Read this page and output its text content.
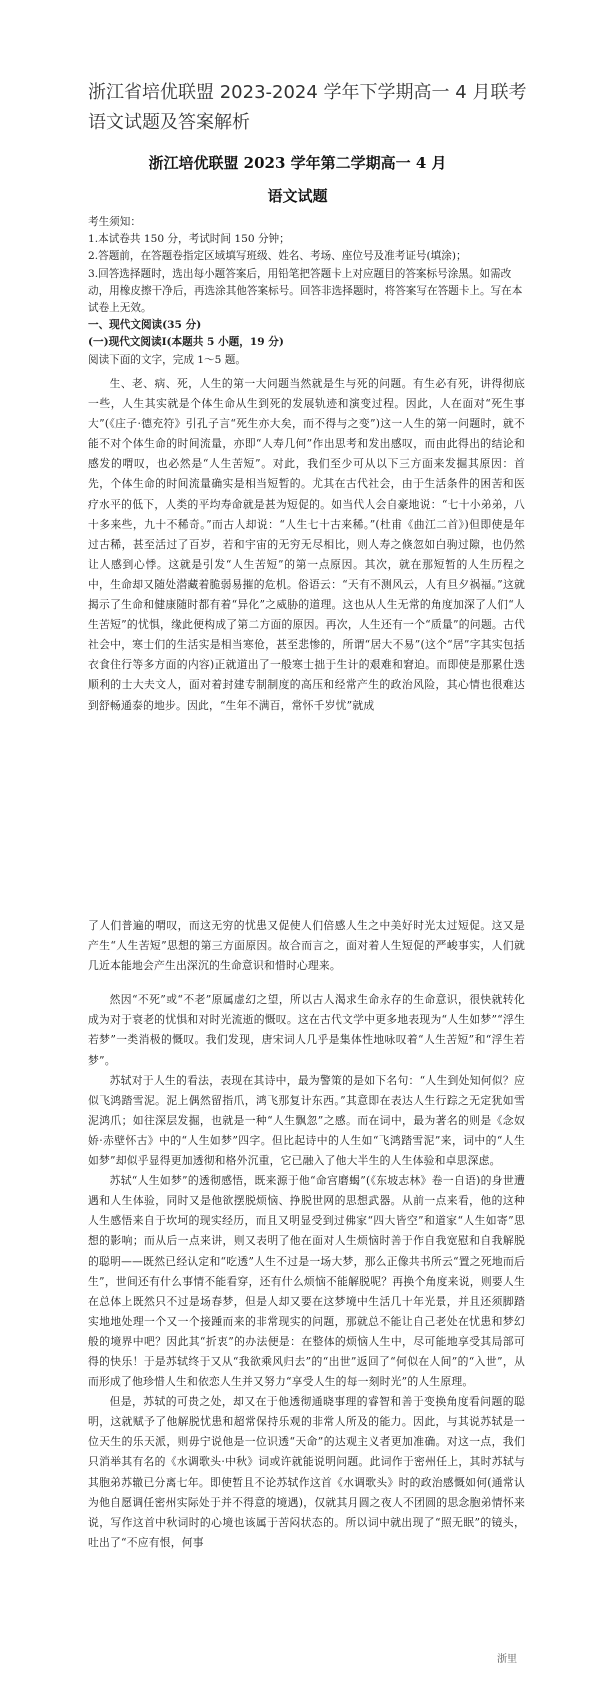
浙江省培优联盟 2023-2024 学年下学期高一 4 月联考
语文试题及答案解析
浙江培优联盟 2023 学年第二学期高一 4 月
语文试题

考生须知：

1.本试卷共 150 分，考试时间 150 分钟；

2.答题前，在答题卷指定区域填写班级、姓名、考场、座位号及准考证号(填涂)；

3.回答选择题时，选出每小题答案后，用铅笔把答题卡上对应题目的答案标号涂黑。如需改动，用橡皮擦干净后，再选涂其他答案标号。回答非选择题时，将答案写在答题卡上。写在本试卷上无效。

一、现代文阅读(35 分)

(一)现代文阅读Ⅰ(本题共 5 小题，19 分)

阅读下面的文字，完成 1～5 题。

生、老、病、死，人生的第一大问题当然就是生与死的问题。有生必有死，讲得彻底一些，人生其实就是个体生命从生到死的发展轨迹和演变过程。因此，人在面对“死生事大”(《庄子·德充符》引孔子言“死生亦大矣，而不得与之变”)这一人生的第一问题时，就不能不对个体生命的时间流量，亦即“人寿几何”作出思考和发出感叹，而由此得出的结论和感发的喟叹，也必然是“人生苦短”。对此，我们至少可从以下三方面来发掘其原因：首先，个体生命的时间流量确实是相当短暂的。尤其在古代社会，由于生活条件的困苦和医疗水平的低下，人类的平均寿命就是甚为短促的。如当代人会自豪地说：“七十小弟弟，八十多来些，九十不稀奇。”而古人却说：“人生七十古来稀。”(杜甫《曲江二首》)但即使是年过古稀，甚至活过了百岁，若和宇宙的无穷无尽相比，则人寿之倏忽如白驹过隙，也仍然让人感到心悸。这就是引发“人生苦短”的第一点原因。其次，就在那短暂的人生历程之中，生命却又随处潜藏着脆弱易摧的危机。俗语云：“天有不测风云，人有旦夕祸福。”这就揭示了生命和健康随时都有着“异化”之威胁的道理。这也从人生无常的角度加深了人们“人生苦短”的忧惧，缘此便构成了第二方面的原因。再次，人生还有一个“质量”的问题。古代社会中，寒士们的生活实是相当寒伧，甚至悲惨的，所谓“居大不易”(这个“居”字其实包括衣食住行等多方面的内容)正就道出了一般寒士拙于生计的艰难和窘迫。而即使是那累仕迭顺利的士大夫文人，面对着封建专制制度的高压和经常产生的政治风险，其心情也很难达到舒畅通泰的地步。因此，“生年不满百，常怀千岁忧”就成

了人们普遍的喟叹，而这无穷的忧患又促使人们倍感人生之中美好时光太过短促。这又是产生“人生苦短”思想的第三方面原因。故合而言之，面对着人生短促的严峻事实，人们就几近本能地会产生出深沉的生命意识和惜时心理来。

然因“不死”或“不老”原属虚幻之望，所以古人渴求生命永存的生命意识，很快就转化成为对于衰老的忧惧和对时光流逝的慨叹。这在古代文学中更多地表现为“人生如梦”“浮生若梦”一类消极的慨叹。我们发现，唐宋词人几乎是集体性地咏叹着“人生苦短”和“浮生若梦”。

苏轼对于人生的看法，表现在其诗中，最为警策的是如下名句：“人生到处知何似？应似飞鸿踏雪泥。泥上偶然留指爪，鸿飞那复计东西。”其意即在表达人生行踪之无定犹如雪泥鸿爪；如往深层发掘，也就是一种“人生飘忽”之感。而在词中，最为著名的则是《念奴娇·赤壁怀古》中的“人生如梦”四字。但比起诗中的人生如“飞鸿踏雪泥”来，词中的“人生如梦”却似乎显得更加透彻和格外沉重，它已融入了他大半生的人生体验和卓思深虑。

苏轼“人生如梦”的透彻感悟，既来源于他“命宫磨蝎”(《东坡志林》卷一自语)的身世遭遇和人生体验，同时又是他欲摆脱烦恼、挣脱世网的思想武器。从前一点来看，他的这种人生感悟来自于坎坷的现实经历，而且又明显受到过佛家“四大皆空”和道家“人生如寄”思想的影响；而从后一点来讲，则又表明了他在面对人生烦恼时善于作自我宽慰和自我解脱的聪明——既然已经认定和“吃透”人生不过是一场大梦，那么正像共书所云“置之死地而后生”，世间还有什么事情不能看穿，还有什么烦恼不能解脱呢？再换个角度来说，则要人生在总体上既然只不过是场春梦，但是人却又要在这梦境中生活几十年光景，并且还须脚踏实地地处理一个又一个接踵而来的非常现实的问题，那就总不能让自己老处在忧患和梦幻般的境界中吧？因此其“折衷”的办法便是：在整体的烦恼人生中，尽可能地享受其局部可得的快乐！于是苏轼终于又从“我欲乘风归去”的“出世”返回了“何似在人间”的“入世”，从而形成了他珍惜人生和依恋人生并又努力“享受人生的每一刻时光”的人生原理。

但是，苏轼的可贵之处，却又在于他透彻通晓事理的睿智和善于变换角度看问题的聪明，这就赋予了他解脱忧患和超常保持乐观的非常人所及的能力。因此，与其说苏轼是一位天生的乐天派，则毋宁说他是一位识透“天命”的达观主义者更加准确。对这一点，我们只消举其有名的《水调歌头·中秋》词或许就能说明问题。此词作于密州任上，其时苏轼与其胞弟苏辙已分离七年。即使暂且不论苏轼作这首《水调歌头》时的政治感慨如何(通常认为他自愿调任密州实际处于并不得意的境遇)，仅就其月圆之夜人不团圆的思念胞弟情怀来说，写作这首中秋词时的心境也该属于苦闷状态的。所以词中就出现了“照无眠”的镜头，吐出了“不应有恨，何事

浙里
